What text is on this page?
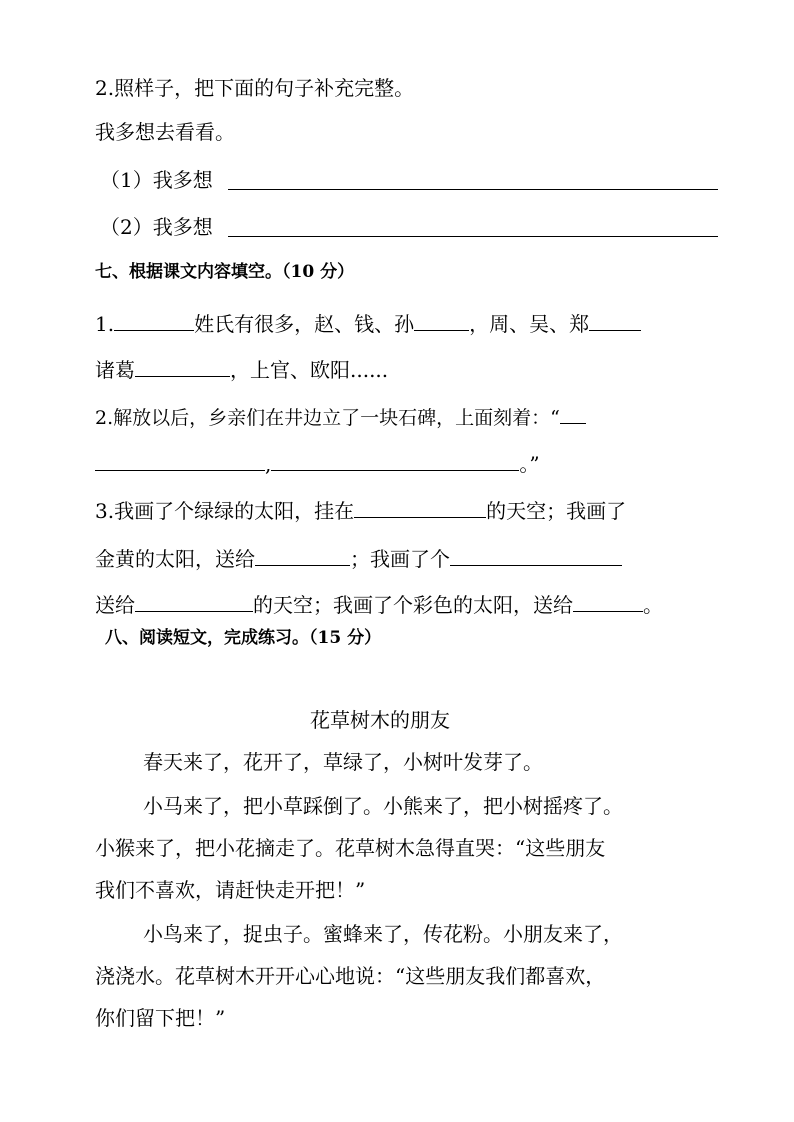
2.照样子，把下面的句子补充完整。
我多想去看看。
（1）我多想
（2）我多想
七、根据课文内容填空。（10 分）
1.	姓氏有很多，赵、钱、孙	，周、吴、郑
诸葛	，上官、欧阳......
2.解放以后，乡亲们在井边立了一块石碑，上面刻着：“
,	。”
3.我画了个绿绿的太阳，挂在	的天空；我画了
金黄的太阳，送给	；我画了个
送给	的天空；我画了个彩色的太阳，送给	。
八、阅读短文，完成练习。（15 分）
花草树木的朋友
春天来了，花开了，草绿了，小树叶发芽了。
小马来了，把小草踩倒了。小熊来了，把小树摇疼了。
小猴来了，把小花摘走了。花草树木急得直哭：“这些朋友
我们不喜欢，请赶快走开把！”
小鸟来了，捉虫子。蜜蜂来了，传花粉。小朋友来了，
浇浇水。花草树木开开心心地说：“这些朋友我们都喜欢，
你们留下把！”
